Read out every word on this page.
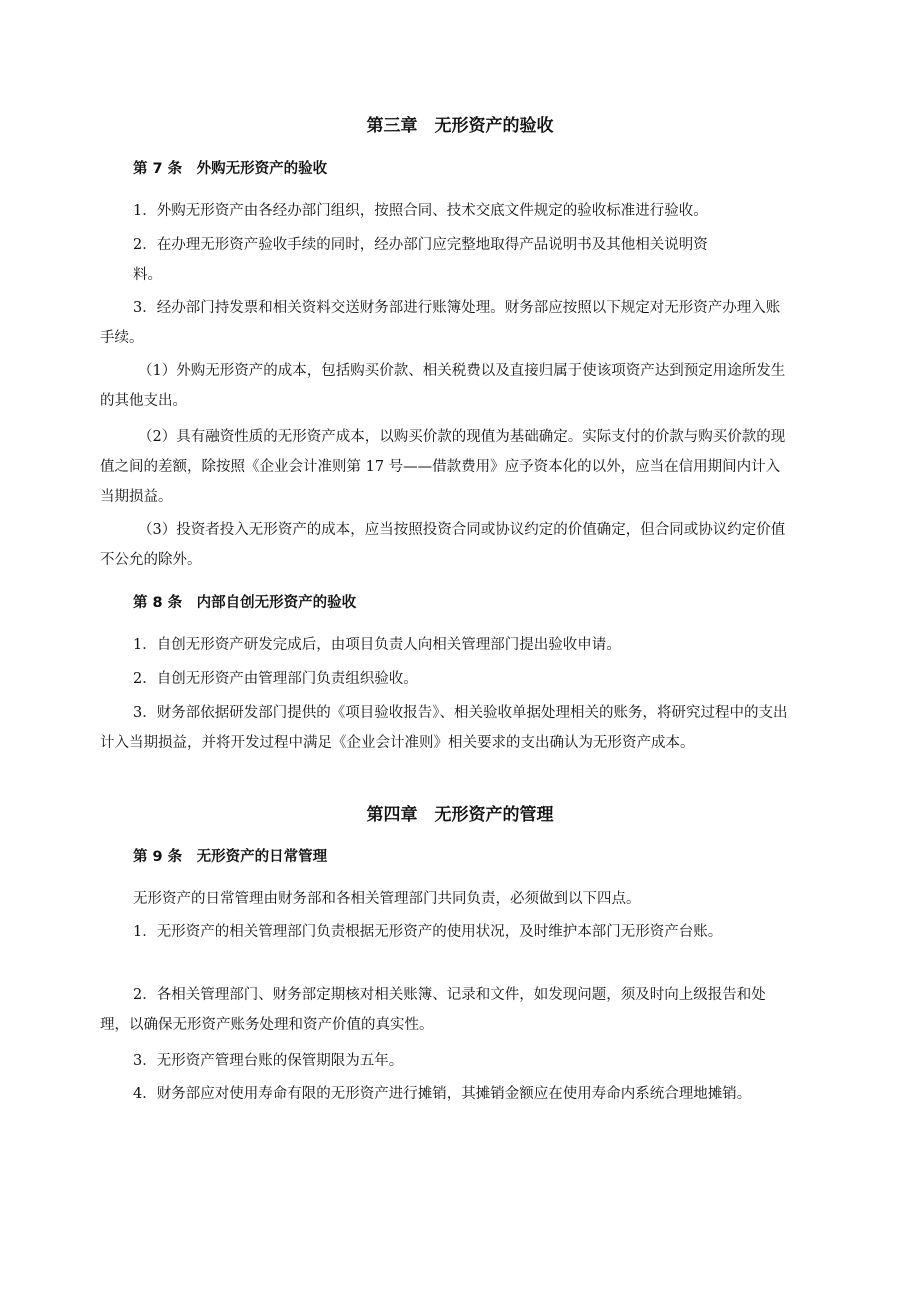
第三章　无形资产的验收
第 7 条　外购无形资产的验收
1．外购无形资产由各经办部门组织，按照合同、技术交底文件规定的验收标准进行验收。
2．在办理无形资产验收手续的同时，经办部门应完整地取得产品说明书及其他相关说明资
料。
3．经办部门持发票和相关资料交送财务部进行账簿处理。财务部应按照以下规定对无形资产办理入账手续。
（1）外购无形资产的成本，包括购买价款、相关税费以及直接归属于使该项资产达到预定用途所发生的其他支出。
（2）具有融资性质的无形资产成本，以购买价款的现值为基础确定。实际支付的价款与购买价款的现值之间的差额，除按照《企业会计准则第 17 号——借款费用》应予资本化的以外，应当在信用期间内计入当期损益。
（3）投资者投入无形资产的成本，应当按照投资合同或协议约定的价值确定，但合同或协议约定价值不公允的除外。
第 8 条　内部自创无形资产的验收
1．自创无形资产研发完成后，由项目负责人向相关管理部门提出验收申请。
2．自创无形资产由管理部门负责组织验收。
3．财务部依据研发部门提供的《项目验收报告》、相关验收单据处理相关的账务，将研究过程中的支出计入当期损益，并将开发过程中满足《企业会计准则》相关要求的支出确认为无形资产成本。
第四章　无形资产的管理
第 9 条　无形资产的日常管理
无形资产的日常管理由财务部和各相关管理部门共同负责，必须做到以下四点。
1．无形资产的相关管理部门负责根据无形资产的使用状况，及时维护本部门无形资产台账。
2．各相关管理部门、财务部定期核对相关账簿、记录和文件，如发现问题，须及时向上级报告和处理，以确保无形资产账务处理和资产价值的真实性。
3．无形资产管理台账的保管期限为五年。
4．财务部应对使用寿命有限的无形资产进行摊销，其摊销金额应在使用寿命内系统合理地摊销。
